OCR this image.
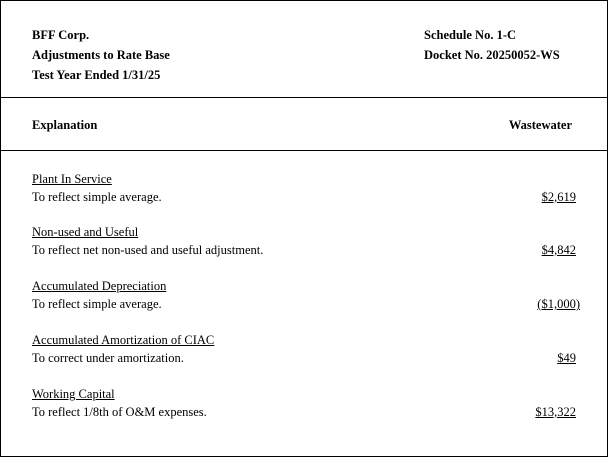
BFF Corp.
Adjustments to Rate Base
Test Year Ended 1/31/25
Schedule No. 1-C
Docket No. 20250052-WS
Explanation	Wastewater
Plant In Service
To reflect simple average.	$2,619
Non-used and Useful
To reflect net non-used and useful adjustment.	$4,842
Accumulated Depreciation
To reflect simple average.	($1,000)
Accumulated Amortization of CIAC
To correct under amortization.	$49
Working Capital
To reflect 1/8th of O&M expenses.	$13,322
